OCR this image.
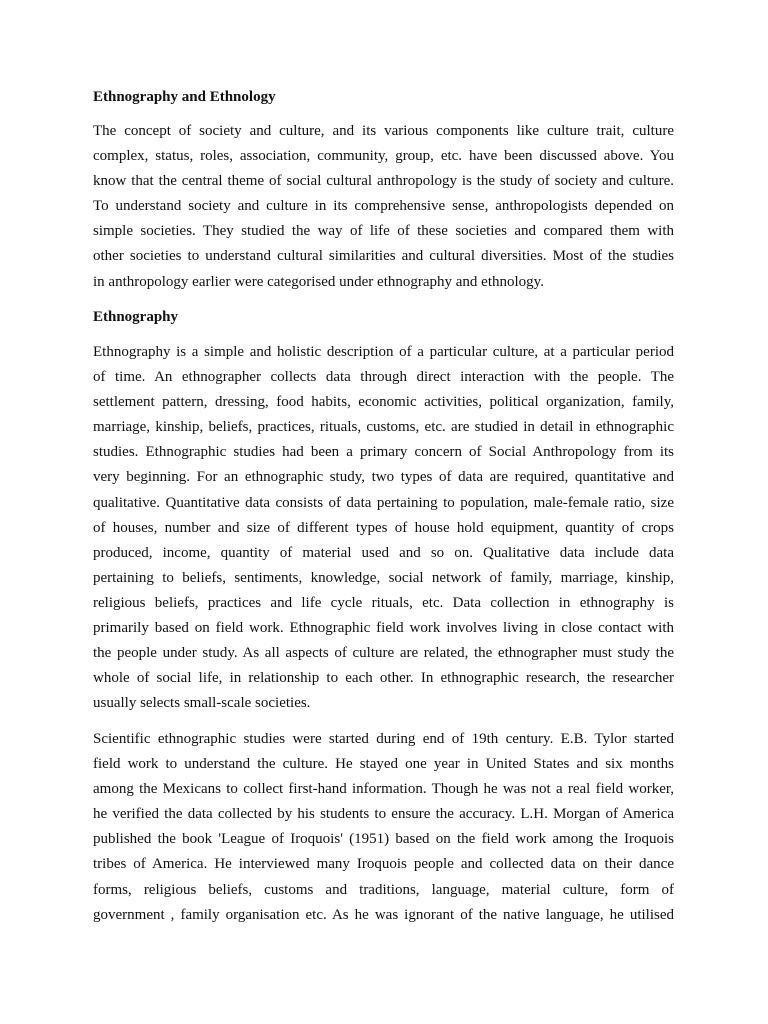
Ethnography and Ethnology
The concept of society and culture, and its various components like culture trait, culture
complex, status, roles, association, community, group, etc. have been discussed above. You
know that the central theme of social cultural anthropology is the study of society and culture.
To understand society and culture in its comprehensive sense, anthropologists depended on
simple societies. They studied the way of life of these societies and compared them with
other societies to understand cultural similarities and cultural diversities. Most of the studies
in anthropology earlier were categorised under ethnography and ethnology.
Ethnography
Ethnography is a simple and holistic description of a particular culture, at a particular period
of time. An ethnographer collects data through direct interaction with the people. The
settlement pattern, dressing, food habits, economic activities, political organization, family,
marriage, kinship, beliefs, practices, rituals, customs, etc. are studied in detail in ethnographic
studies. Ethnographic studies had been a primary concern of Social Anthropology from its
very beginning. For an ethnographic study, two types of data are required, quantitative and
qualitative. Quantitative data consists of data pertaining to population, male-female ratio, size
of houses, number and size of different types of house hold equipment, quantity of crops
produced, income, quantity of material used and so on. Qualitative data include data
pertaining to beliefs, sentiments, knowledge, social network of family, marriage, kinship,
religious beliefs, practices and life cycle rituals, etc. Data collection in ethnography is
primarily based on field work. Ethnographic field work involves living in close contact with
the people under study. As all aspects of culture are related, the ethnographer must study the
whole of social life, in relationship to each other. In ethnographic research, the researcher
usually selects small-scale societies.
Scientific ethnographic studies were started during end of 19th century. E.B. Tylor started
field work to understand the culture. He stayed one year in United States and six months
among the Mexicans to collect first-hand information. Though he was not a real field worker,
he verified the data collected by his students to ensure the accuracy. L.H. Morgan of America
published the book 'League of Iroquois' (1951) based on the field work among the Iroquois
tribes of America. He interviewed many Iroquois people and collected data on their dance
forms, religious beliefs, customs and traditions, language, material culture, form of
government , family organisation etc. As he was ignorant of the native language, he utilised
